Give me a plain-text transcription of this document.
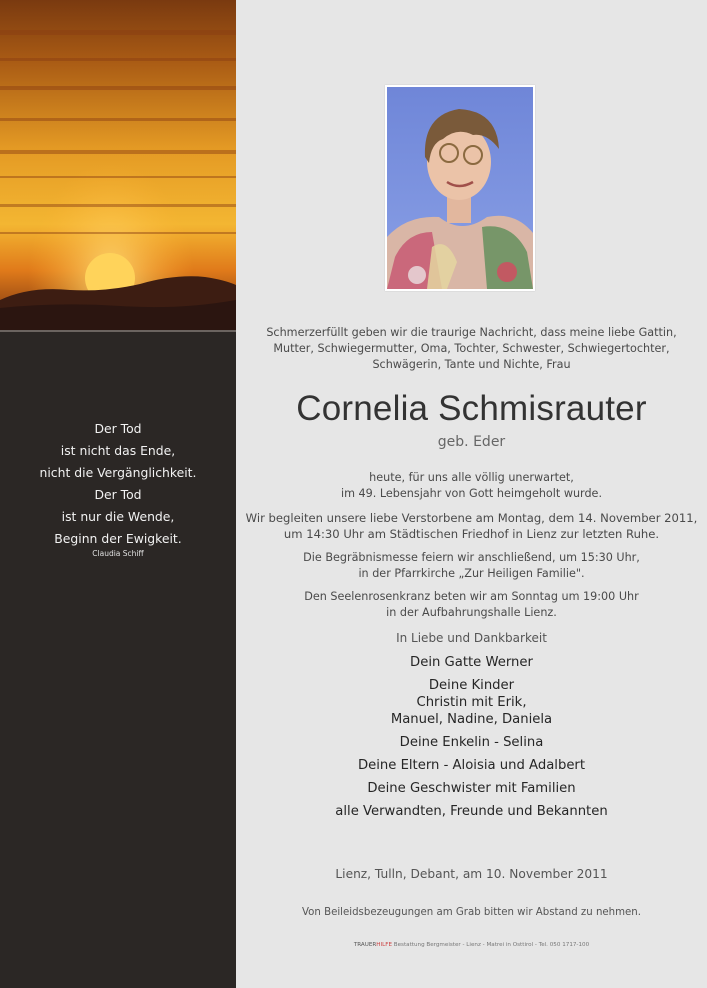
Der Tod
ist nicht das Ende,
nicht die Vergänglichkeit.
Der Tod
ist nur die Wende,
Beginn der Ewigkeit.
Claudia Schiff
Schmerzerfüllt geben wir die traurige Nachricht, dass meine liebe Gattin,
Mutter, Schwiegermutter, Oma, Tochter, Schwester, Schwiegertochter,
Schwägerin, Tante und Nichte, Frau
Cornelia Schmisrauter
geb. Eder
heute, für uns alle völlig unerwartet,
im 49. Lebensjahr von Gott heimgeholt wurde.
Wir begleiten unsere liebe Verstorbene am Montag, dem 14. November 2011,
um 14:30 Uhr am Städtischen Friedhof in Lienz zur letzten Ruhe.
Die Begräbnismesse feiern wir anschließend, um 15:30 Uhr,
in der Pfarrkirche „Zur Heiligen Familie".
Den Seelenrosenkranz beten wir am Sonntag um 19:00 Uhr
in der Aufbahrungshalle Lienz.
In Liebe und Dankbarkeit
Dein Gatte Werner
Deine Kinder
Christin mit Erik,
Manuel, Nadine, Daniela
Deine Enkelin - Selina
Deine Eltern - Aloisia und Adalbert
Deine Geschwister mit Familien
alle Verwandten, Freunde und Bekannten
Lienz, Tulln, Debant, am 10. November 2011
Von Beileidsbezeugungen am Grab bitten wir Abstand zu nehmen.
TRAUERHILFE Bestattung Bergmeister - Lienz - Matrei in Osttirol - Tel. 050 1717-100
